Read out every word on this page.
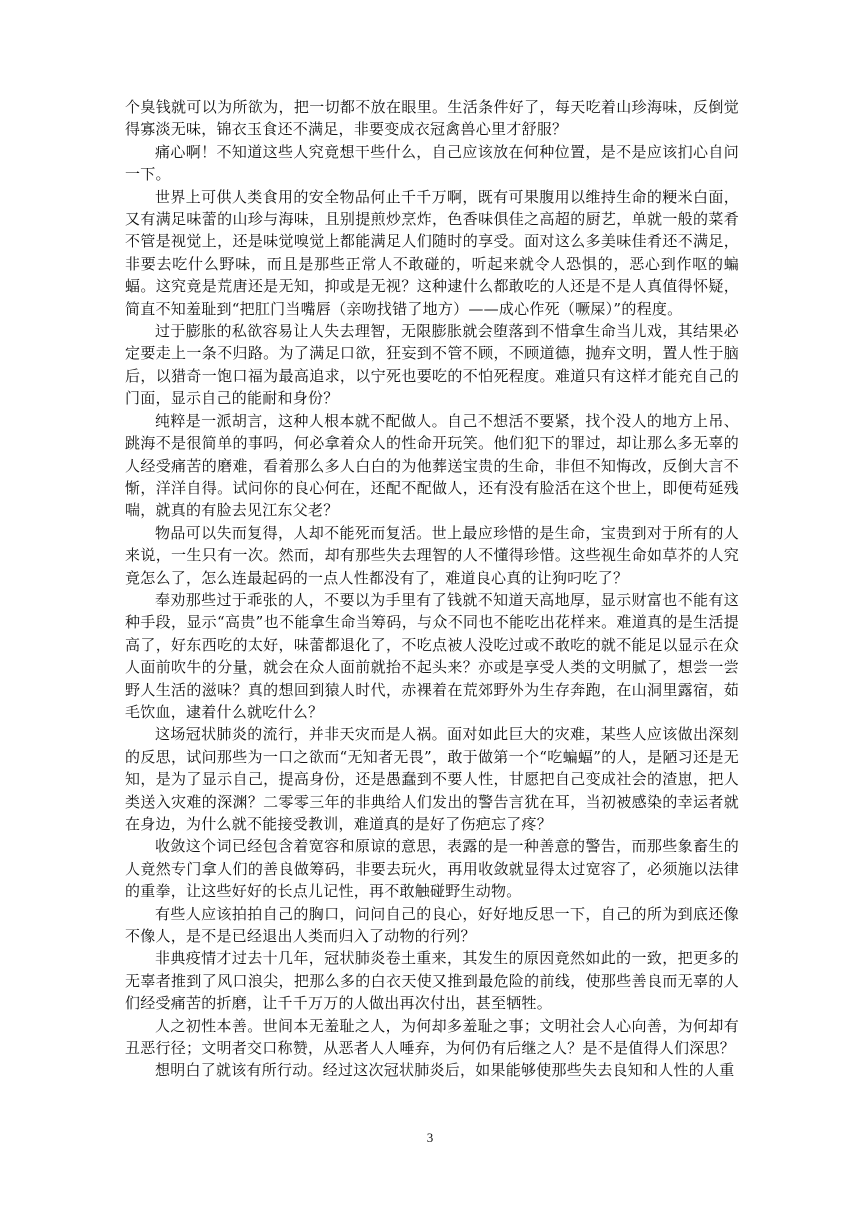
个臭钱就可以为所欲为，把一切都不放在眼里。生活条件好了，每天吃着山珍海味，反倒觉得寡淡无味，锦衣玉食还不满足，非要变成衣冠禽兽心里才舒服？

痛心啊！不知道这些人究竟想干些什么，自己应该放在何种位置，是不是应该扪心自问一下。

世界上可供人类食用的安全物品何止千千万啊，既有可果腹用以维持生命的粳米白面，又有满足味蕾的山珍与海味，且别提煎炒烹炸，色香味俱佳之高超的厨艺，单就一般的菜肴不管是视觉上，还是味觉嗅觉上都能满足人们随时的享受。面对这么多美味佳肴还不满足，非要去吃什么野味，而且是那些正常人不敢碰的，听起来就令人恐惧的，恶心到作呕的蝙蝠。这究竟是荒唐还是无知，抑或是无视？这种逮什么都敢吃的人还是不是人真值得怀疑，简直不知羞耻到“把肛门当嘴唇（亲吻找错了地方）——成心作死（噘屎）”的程度。

过于膨胀的私欲容易让人失去理智，无限膨胀就会堕落到不惜拿生命当儿戏，其结果必定要走上一条不归路。为了满足口欲，狂妄到不管不顾，不顾道德，抛弃文明，置人性于脑后，以猎奇一饱口福为最高追求，以宁死也要吃的不怕死程度。难道只有这样才能充自己的门面，显示自己的能耐和身份？

纯粹是一派胡言，这种人根本就不配做人。自己不想活不要紧，找个没人的地方上吊、跳海不是很简单的事吗，何必拿着众人的性命开玩笑。他们犯下的罪过，却让那么多无辜的人经受痛苦的磨难，看着那么多人白白的为他葬送宝贵的生命，非但不知悔改，反倒大言不惭，洋洋自得。试问你的良心何在，还配不配做人，还有没有脸活在这个世上，即便苟延残喘，就真的有脸去见江东父老？

物品可以失而复得，人却不能死而复活。世上最应珍惜的是生命，宝贵到对于所有的人来说，一生只有一次。然而，却有那些失去理智的人不懂得珍惜。这些视生命如草芥的人究竟怎么了，怎么连最起码的一点人性都没有了，难道良心真的让狗叼吃了？

奉劝那些过于乖张的人，不要以为手里有了钱就不知道天高地厚，显示财富也不能有这种手段，显示“高贵”也不能拿生命当筹码，与众不同也不能吃出花样来。难道真的是生活提高了，好东西吃的太好，味蕾都退化了，不吃点被人没吃过或不敢吃的就不能足以显示在众人面前吹牛的分量，就会在众人面前就抬不起头来？亦或是享受人类的文明腻了，想尝一尝野人生活的滋味？真的想回到猿人时代，赤裸着在荒郊野外为生存奔跑，在山洞里露宿，茹毛饮血，逮着什么就吃什么？

这场冠状肺炎的流行，并非天灾而是人祸。面对如此巨大的灾难，某些人应该做出深刻的反思，试问那些为一口之欲而“无知者无畏”，敢于做第一个“吃蝙蝠”的人，是陋习还是无知，是为了显示自己，提高身份，还是愚蠢到不要人性，甘愿把自己变成社会的渣崽，把人类送入灾难的深渊？二零零三年的非典给人们发出的警告言犹在耳，当初被感染的幸运者就在身边，为什么就不能接受教训，难道真的是好了伤疤忘了疼？

收敛这个词已经包含着宽容和原谅的意思，表露的是一种善意的警告，而那些象畜生的人竟然专门拿人们的善良做筹码，非要去玩火，再用收敛就显得太过宽容了，必须施以法律的重拳，让这些好好的长点儿记性，再不敢触碰野生动物。

有些人应该拍拍自己的胸口，问问自己的良心，好好地反思一下，自己的所为到底还像不像人，是不是已经退出人类而归入了动物的行列？

非典疫情才过去十几年，冠状肺炎卷土重来，其发生的原因竟然如此的一致，把更多的无辜者推到了风口浪尖，把那么多的白衣天使又推到最危险的前线，使那些善良而无辜的人们经受痛苦的折磨，让千千万万的人做出再次付出，甚至牺牲。

人之初性本善。世间本无羞耻之人，为何却多羞耻之事；文明社会人心向善，为何却有丑恶行径；文明者交口称赞，从恶者人人唾弃，为何仍有后继之人？是不是值得人们深思？

想明白了就该有所行动。经过这次冠状肺炎后，如果能够使那些失去良知和人性的人重

3
